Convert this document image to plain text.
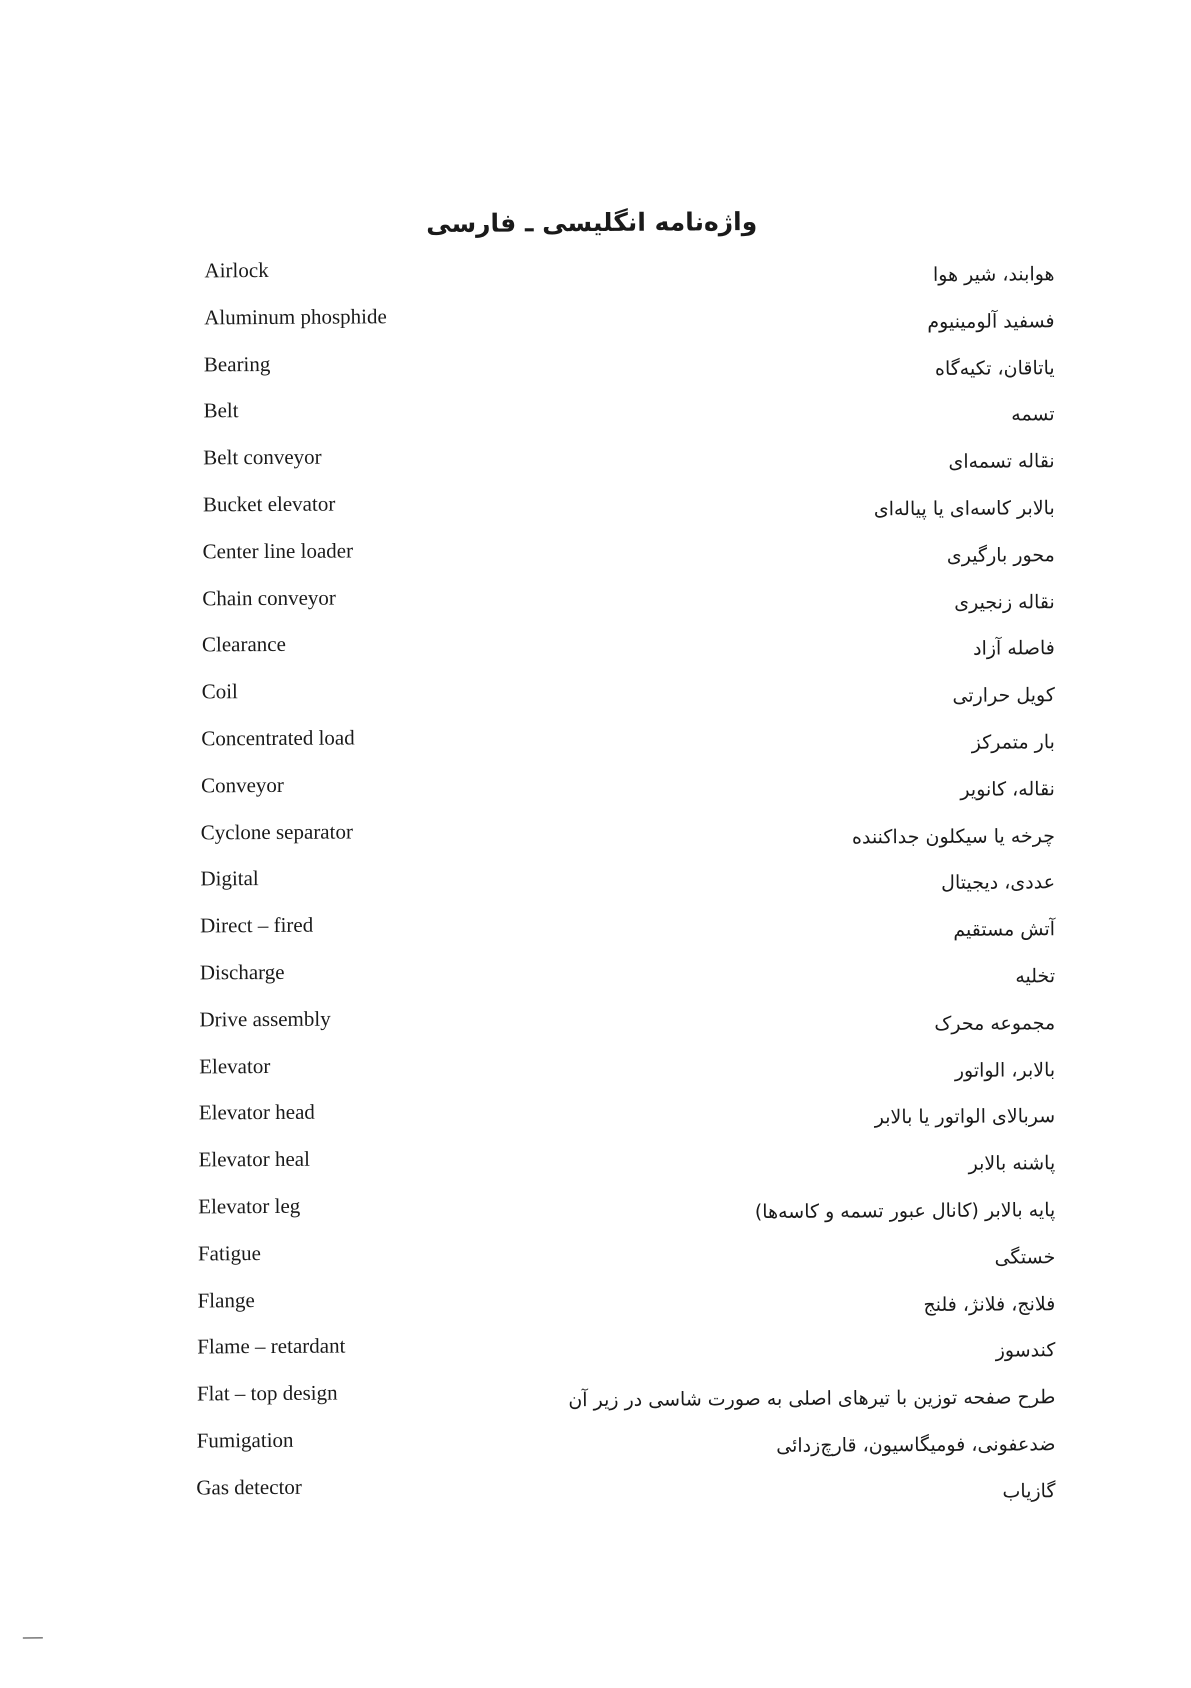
واژه‌نامه انگلیسی ـ فارسی
Airlock	هوابند، شیر هوا
Aluminum phosphide	فسفید آلومینیوم
Bearing	یاتاقان، تکیه‌گاه
Belt	تسمه
Belt conveyor	نقاله تسمه‌ای
Bucket elevator	بالابر کاسه‌ای یا پیاله‌ای
Center line loader	محور بارگیری
Chain conveyor	نقاله زنجیری
Clearance	فاصله آزاد
Coil	کویل حرارتی
Concentrated load	بار متمرکز
Conveyor	نقاله، کانویر
Cyclone separator	چرخه یا سیکلون جداکننده
Digital	عددی، دیجیتال
Direct – fired	آتش مستقیم
Discharge	تخلیه
Drive assembly	مجموعه محرک
Elevator	بالابر، الواتور
Elevator head	سربالای الواتور یا بالابر
Elevator heal	پاشنه بالابر
Elevator leg	پایه بالابر (کانال عبور تسمه و کاسه‌ها)
Fatigue	خستگی
Flange	فلانج، فلانژ، فلنج
Flame – retardant	کندسوز
Flat – top design	طرح صفحه توزین با تیرهای اصلی به صورت شاسی در زیر آن
Fumigation	ضدعفونی، فومیگاسیون، قارچ‌زدائی
Gas detector	گازیاب
